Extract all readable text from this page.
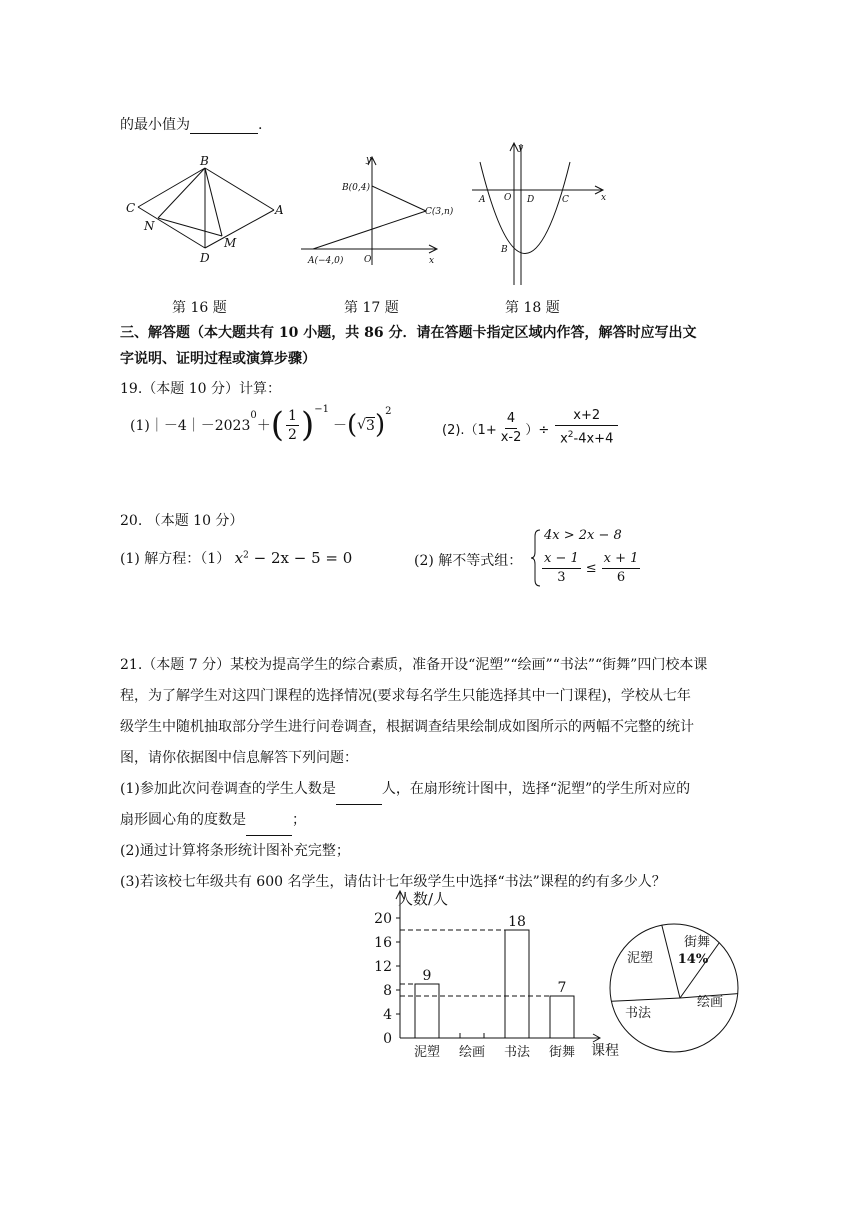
的最小值为	.
B
C	A
N
D
M
第 16 题
y
B(0,4)
C(3,n)
A(−4,0) O	x
第 17 题
y
A O D	C	x
B
第 18 题
三、解答题（本大题共有 10 小题，共 86 分．请在答题卡指定区域内作答，解答时应写出文
字说明、证明过程或演算步骤）
19.（本题 10 分）计算：
(1)｜－4｜－2023
$^0$
＋ ( $\frac{1}{2} )^{-1}$
－ ( √ 3 )$^2$
$(2).(1+ \frac{4}{x-2}$ ）÷ $\frac{x+2}{x^2-4x+4}$
20. （本题 10 分）
(1) 解方程：（1） $x^2 - 2x - 5 = 0$	(2) 解不等式组：
4x > 2x − 8
$\frac{x - 1}{3} \le \frac{x + 1}{6}$
21.（本题 7 分）某校为提高学生的综合素质，准备开设“泥塑”“绘画”“书法”“街舞”四门校本课
程，为了解学生对这四门课程的选择情况(要求每名学生只能选择其中一门课程)，学校从七年
级学生中随机抽取部分学生进行问卷调查，根据调查结果绘制成如图所示的两幅不完整的统计
图，请你依据图中信息解答下列问题：
(1)参加此次问卷调查的学生人数是	人，在扇形统计图中，选择“泥塑”的学生所对应的
扇形圆心角的度数是	；
(2)通过计算将条形统计图补充完整；
(3)若该校七年级共有 600 名学生，请估计七年级学生中选择“书法”课程的约有多少人？
0
4
8
12
16
20
9
泥塑 绘画
18
书法
7
街舞
人数/人
课程
泥塑
街舞
14%
绘画
书法
